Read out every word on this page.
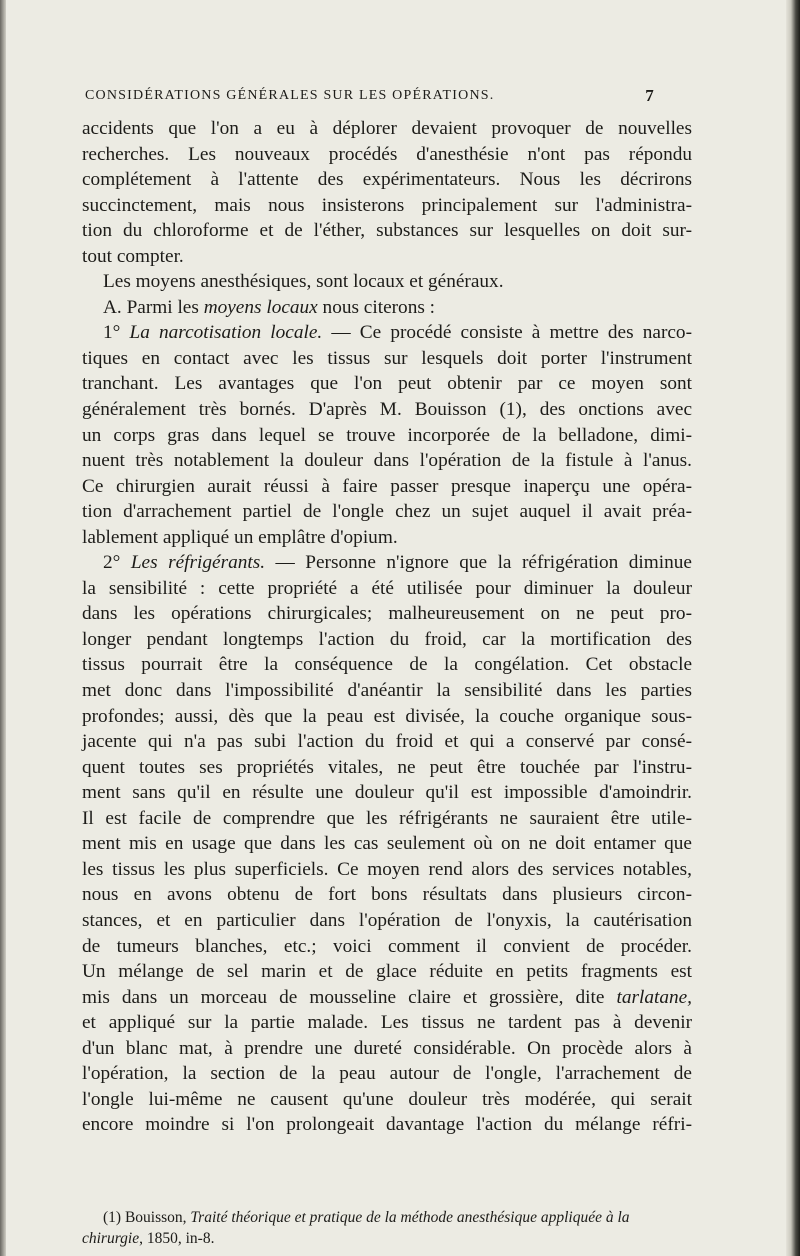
CONSIDÉRATIONS GÉNÉRALES SUR LES OPÉRATIONS.	7

accidents que l'on a eu à déplorer devaient provoquer de nouvelles

recherches. Les nouveaux procédés d'anesthésie n'ont pas répondu

complétement à l'attente des expérimentateurs. Nous les décrirons

succinctement, mais nous insisterons principalement sur l'administra-

tion du chloroforme et de l'éther, substances sur lesquelles on doit sur-

tout compter.

Les moyens anesthésiques, sont locaux et généraux.

A. Parmi les moyens locaux nous citerons :

1° La narcotisation locale. — Ce procédé consiste à mettre des narco-

tiques en contact avec les tissus sur lesquels doit porter l'instrument

tranchant. Les avantages que l'on peut obtenir par ce moyen sont

généralement très bornés. D'après M. Bouisson (1), des onctions avec

un corps gras dans lequel se trouve incorporée de la belladone, dimi-

nuent très notablement la douleur dans l'opération de la fistule à l'anus.

Ce chirurgien aurait réussi à faire passer presque inaperçu une opéra-

tion d'arrachement partiel de l'ongle chez un sujet auquel il avait préa-

lablement appliqué un emplâtre d'opium.

2° Les réfrigérants. — Personne n'ignore que la réfrigération diminue

la sensibilité : cette propriété a été utilisée pour diminuer la douleur

dans les opérations chirurgicales; malheureusement on ne peut pro-

longer pendant longtemps l'action du froid, car la mortification des

tissus pourrait être la conséquence de la congélation. Cet obstacle

met donc dans l'impossibilité d'anéantir la sensibilité dans les parties

profondes; aussi, dès que la peau est divisée, la couche organique sous-

jacente qui n'a pas subi l'action du froid et qui a conservé par consé-

quent toutes ses propriétés vitales, ne peut être touchée par l'instru-

ment sans qu'il en résulte une douleur qu'il est impossible d'amoindrir.

Il est facile de comprendre que les réfrigérants ne sauraient être utile-

ment mis en usage que dans les cas seulement où on ne doit entamer que

les tissus les plus superficiels. Ce moyen rend alors des services notables,

nous en avons obtenu de fort bons résultats dans plusieurs circon-

stances, et en particulier dans l'opération de l'onyxis, la cautérisation

de tumeurs blanches, etc.; voici comment il convient de procéder.

Un mélange de sel marin et de glace réduite en petits fragments est

mis dans un morceau de mousseline claire et grossière, dite tarlatane,

et appliqué sur la partie malade. Les tissus ne tardent pas à devenir

d'un blanc mat, à prendre une dureté considérable. On procède alors à

l'opération, la section de la peau autour de l'ongle, l'arrachement de

l'ongle lui-même ne causent qu'une douleur très modérée, qui serait

encore moindre si l'on prolongeait davantage l'action du mélange réfri-

(1) Bouisson, Traité théorique et pratique de la méthode anesthésique appliquée à la

chirurgie, 1850, in-8.
